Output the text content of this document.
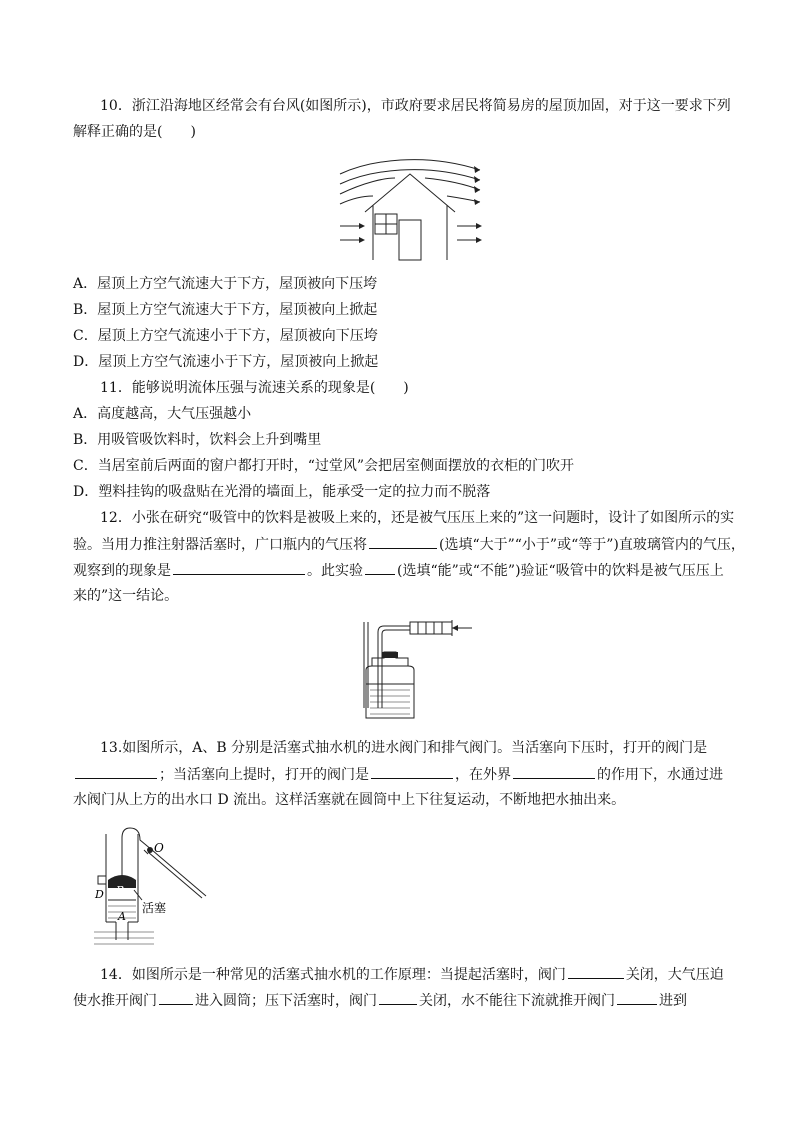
10．浙江沿海地区经常会有台风(如图所示)，市政府要求居民将简易房的屋顶加固，对于这一要求下列
解释正确的是(　　)
A．屋顶上方空气流速大于下方，屋顶被向下压垮
B．屋顶上方空气流速大于下方，屋顶被向上掀起
C．屋顶上方空气流速小于下方，屋顶被向下压垮
D．屋顶上方空气流速小于下方，屋顶被向上掀起
11．能够说明流体压强与流速关系的现象是(　　)
A．高度越高，大气压强越小
B．用吸管吸饮料时，饮料会上升到嘴里
C．当居室前后两面的窗户都打开时，“过堂风”会把居室侧面摆放的衣柜的门吹开
D．塑料挂钩的吸盘贴在光滑的墙面上，能承受一定的拉力而不脱落
12．小张在研究“吸管中的饮料是被吸上来的，还是被气压压上来的”这一问题时，设计了如图所示的实
验。当用力推注射器活塞时，广口瓶内的气压将	(选填“大于”“小于”或“等于”)直玻璃管内的气压，
观察到的现象是	。此实验 (选填“能”或“不能”)验证“吸管中的饮料是被气压压上
来的”这一结论。
13.如图所示，A、B 分别是活塞式抽水机的进水阀门和排气阀门。当活塞向下压时，打开的阀门是
；当活塞向上提时，打开的阀门是	，在外界	的作用下，水通过进
水阀门从上方的出水口 D 流出。这样活塞就在圆筒中上下往复运动，不断地把水抽出来。
O
D B
A
活塞
14．如图所示是一种常见的活塞式抽水机的工作原理：当提起活塞时，阀门	关闭，大气压迫
使水推开阀门	进入圆筒；压下活塞时，阀门	关闭，水不能往下流就推开阀门	进到
